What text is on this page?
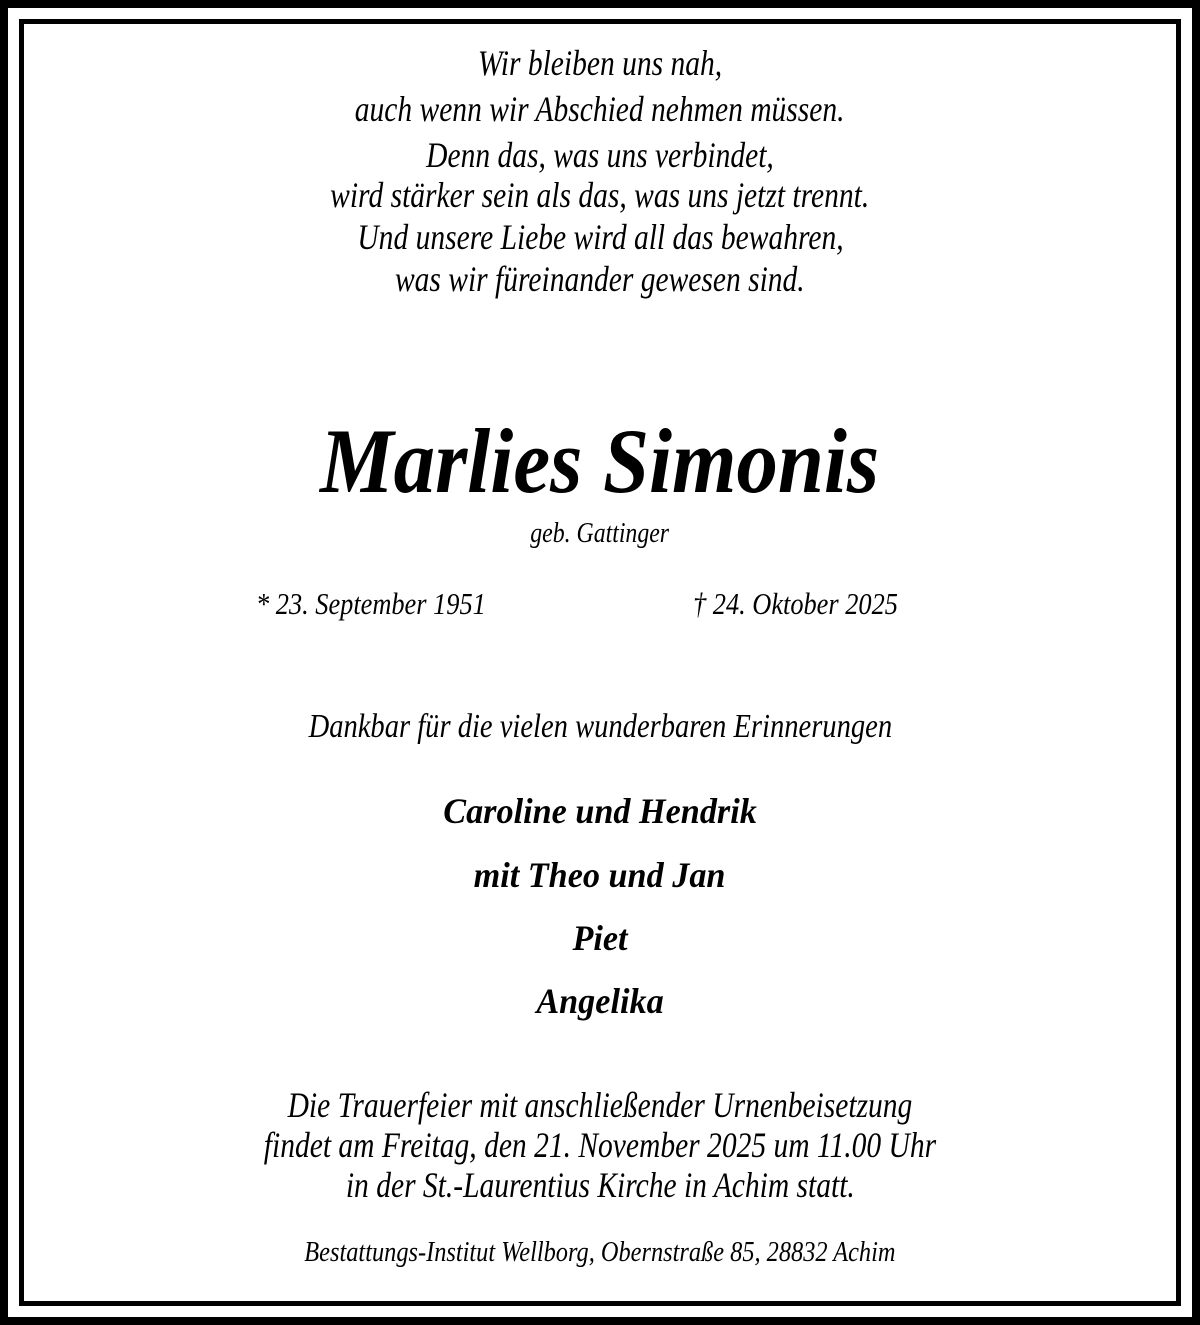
Wir bleiben uns nah,
auch wenn wir Abschied nehmen müssen.
Denn das, was uns verbindet,
wird stärker sein als das, was uns jetzt trennt.
Und unsere Liebe wird all das bewahren,
was wir füreinander gewesen sind.
Marlies Simonis
geb. Gattinger
* 23. September 1951	† 24. Oktober 2025
Dankbar für die vielen wunderbaren Erinnerungen
Caroline und Hendrik
mit Theo und Jan
Piet
Angelika
Die Trauerfeier mit anschließender Urnenbeisetzung
findet am Freitag, den 21. November 2025 um 11.00 Uhr
in der St.-Laurentius Kirche in Achim statt.
Bestattungs-Institut Wellborg, Obernstraße 85, 28832 Achim
